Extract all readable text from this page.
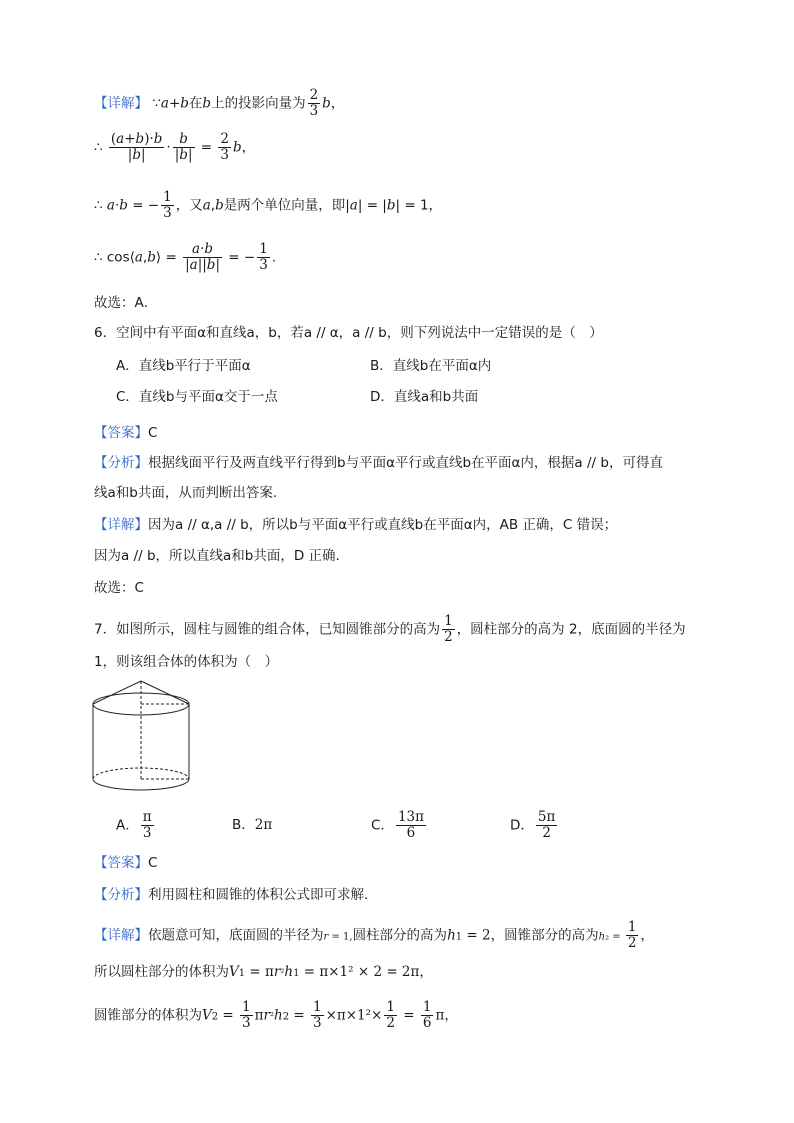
【详解】 ∵a+b在b上的投影向量为 $\frac{2}{3}$ b，
∴ $\frac{(a+b)\cdot b}{|b|} \cdot \frac{b}{|b|} = \frac{2}{3}$ b，
∴ a·b = − $\frac{1}{3}$ ，又a,b是两个单位向量，即|a| = |b| = 1，
∴ cos⟨a,b⟩ = $\frac{a\cdot b}{|a||b|}$ = − $\frac{1}{3}$ .
故选：A．
6．空间中有平面α和直线a，b，若a // α，a // b，则下列说法中一定错误的是（　）
A．直线b平行于平面α	B．直线b在平面α内
C．直线b与平面α交于一点	D．直线a和b共面
【答案】C
【分析】根据线面平行及两直线平行得到b与平面α平行或直线b在平面α内，根据a // b，可得直
线a和b共面，从而判断出答案.
【详解】因为a // α,a // b，所以b与平面α平行或直线b在平面α内，AB 正确，C 错误；
因为a // b，所以直线a和b共面，D 正确.
故选：C
7．如图所示，圆柱与圆锥的组合体，已知圆锥部分的高为 $\frac{1}{2}$ ，圆柱部分的高为 2，底面圆的半径为
1，则该组合体的体积为（　）
A． $\frac{\pi}{3}$	B．2π	C． $\frac{13\pi}{6}$	D． $\frac{5\pi}{2}$
【答案】C
【分析】利用圆柱和圆锥的体积公式即可求解.
【详解】依题意可知，底面圆的半径为r = 1,圆柱部分的高为h1 = 2，圆锥部分的高为$h_2 = \frac{1}{2}$ ，
所以圆柱部分的体积为V1 = πr²h1 = π×1² × 2 = 2π，
圆锥部分的体积为$V2 = \frac{1}{3} \pi r^2h2 = \frac{1}{3} \times\pi\times 1^2\times \frac{1}{2} = \frac{1}{6}$ π，
